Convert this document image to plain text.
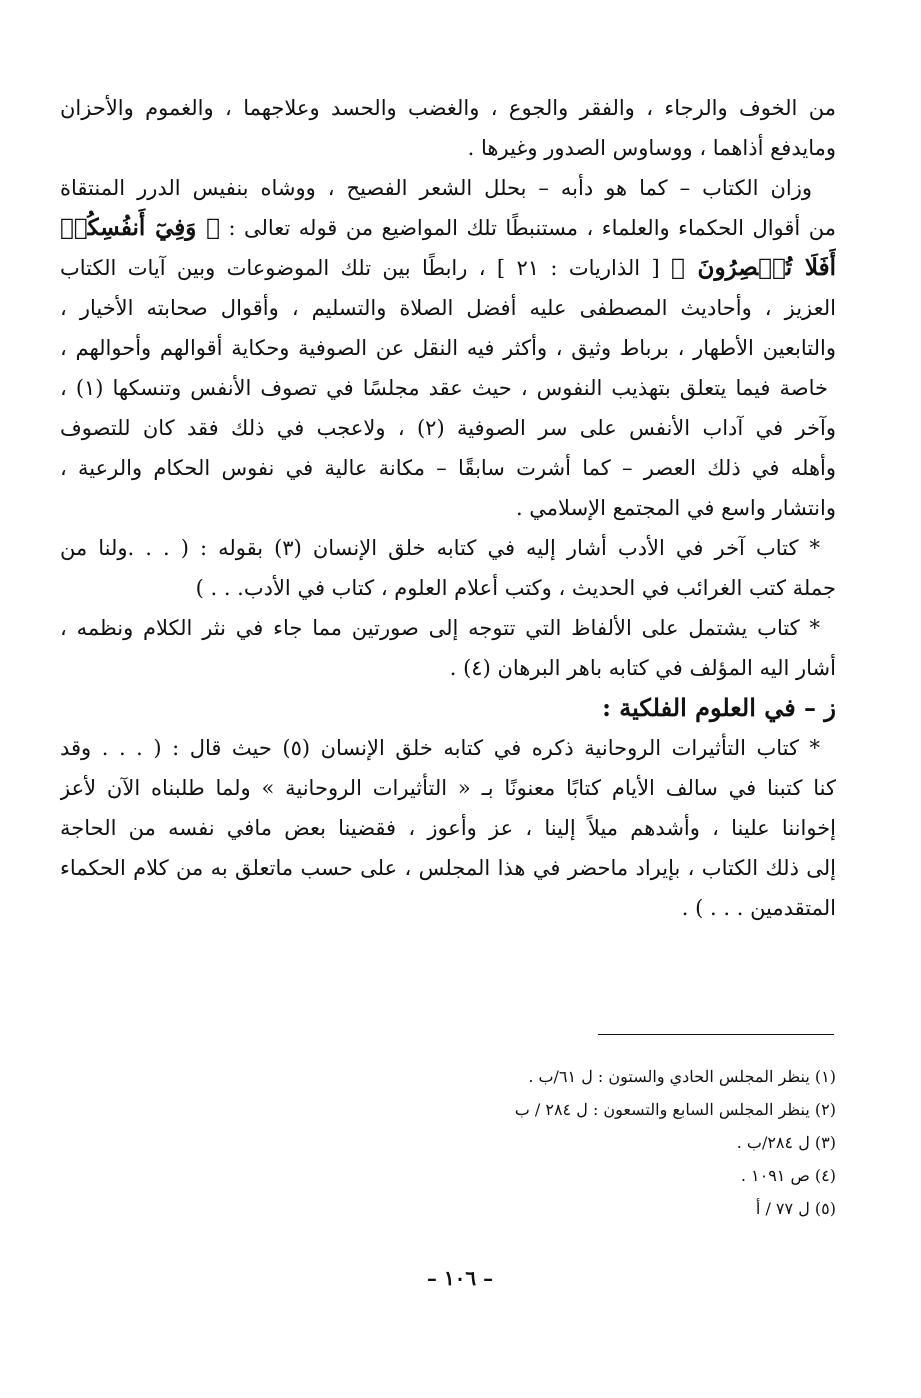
من الخوف والرجاء ، والفقر والجوع ، والغضب والحسد وعلاجهما ، والغموم والأحزان
ومايدفع أذاهما ، ووساوس الصدور وغيرها .
وزان الكتاب – كما هو دأبه – بحلل الشعر الفصيح ، ووشاه بنفيس الدرر المنتقاة
من أقوال الحكماء والعلماء ، مستنبطًا تلك المواضيع من قوله تعالى : ﴿ وَفِيٓ أَنفُسِكُمۡ
أَفَلَا تُبۡصِرُونَ ﴾ [ الذاريات : ٢١ ] ، رابطًا بين تلك الموضوعات وبين آيات الكتاب
العزيز ، وأحاديث المصطفى عليه أفضل الصلاة والتسليم ، وأقوال صحابته الأخيار ،
والتابعين الأطهار ، برباط وثيق ، وأكثر فيه النقل عن الصوفية وحكاية أقوالهم وأحوالهم ،
خاصة فيما يتعلق بتهذيب النفوس ، حيث عقد مجلسًا في تصوف الأنفس وتنسكها (١) ،
وآخر في آداب الأنفس على سر الصوفية (٢) ، ولاعجب في ذلك فقد كان للتصوف
وأهله في ذلك العصر – كما أشرت سابقًا – مكانة عالية في نفوس الحكام والرعية ،
وانتشار واسع في المجتمع الإسلامي .
* كتاب آخر في الأدب أشار إليه في كتابه خلق الإنسان (٣) بقوله : ( . . .ولنا من
جملة كتب الغرائب في الحديث ، وكتب أعلام العلوم ، كتاب في الأدب. . . )
* كتاب يشتمل على الألفاظ التي تتوجه إلى صورتين مما جاء في نثر الكلام ونظمه ،
أشار اليه المؤلف في كتابه باهر البرهان (٤) .
ز – في العلوم الفلكية :
* كتاب التأثيرات الروحانية ذكره في كتابه خلق الإنسان (٥) حيث قال : ( . . . وقد
كنا كتبنا في سالف الأيام كتابًا معنونًا بـ « التأثيرات الروحانية » ولما طلبناه الآن لأعز
إخواننا علينا ، وأشدهم ميلاً إلينا ، عز وأعوز ، فقضينا بعض مافي نفسه من الحاجة
إلى ذلك الكتاب ، بإيراد ماحضر في هذا المجلس ، على حسب ماتعلق به من كلام الحكماء
المتقدمين . . . ) .
(١) ينظر المجلس الحادي والستون : ل ٦١/ب .
(٢) ينظر المجلس السابع والتسعون : ل ٢٨٤ / ب
(٣) ل ٢٨٤/ب .
(٤) ص ١٠٩١ .
(٥) ل ٧٧ / أ
– ١٠٦ –
